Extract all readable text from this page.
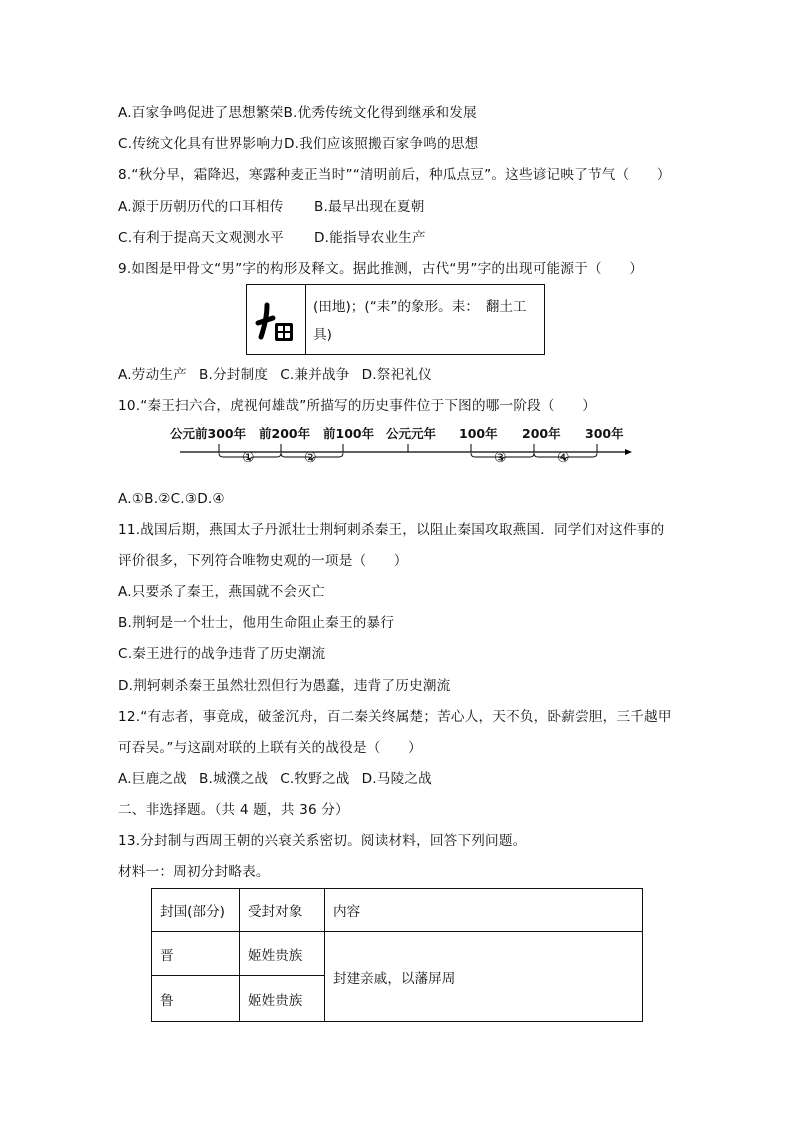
A.百家争鸣促进了思想繁荣B.优秀传统文化得到继承和发展
C.传统文化具有世界影响力D.我们应该照搬百家争鸣的思想
8.“秋分早，霜降迟，寒露种麦正当时”“清明前后，种瓜点豆”。这些谚记映了节气（　　）
A.源于历朝历代的口耳相传 B.最早出现在夏朝
C.有利于提高天文观测水平 D.能指导农业生产
9.如图是甲骨文“男”字的构形及释文。据此推测，古代“男”字的出现可能源于（　　）
(田地)；(“耒”的象形。耒：　翻土工具)
A.劳动生产 B.分封制度 C.兼并战争 D.祭祀礼仪
10.“秦王扫六合，虎视何雄哉”所描写的历史事件位于下图的哪一阶段（　　）
公元前300年 前200年 前100年 公元元年 100年 200年 300年
①	②	③	④
A.①B.②C.③D.④
11.战国后期，燕国太子丹派壮士荆轲刺杀秦王，以阻止秦国攻取燕国．同学们对这件事的
评价很多，下列符合唯物史观的一项是（　　）
A.只要杀了秦王，燕国就不会灭亡
B.荆轲是一个壮士，他用生命阻止秦王的暴行
C.秦王进行的战争违背了历史潮流
D.荆轲刺杀秦王虽然壮烈但行为愚蠢，违背了历史潮流
12.“有志者，事竟成，破釜沉舟，百二秦关终属楚；苦心人，天不负，卧薪尝胆，三千越甲
可吞吴。”与这副对联的上联有关的战役是（　　）
A.巨鹿之战 B.城濮之战 C.牧野之战 D.马陵之战
二、非选择题。（共 4 题，共 36 分）
13.分封制与西周王朝的兴衰关系密切。阅读材料，回答下列问题。
材料一：周初分封略表。
封国(部分)	受封对象	内容
晋	姬姓贵族	封建亲戚，以藩屏周
鲁	姬姓贵族	
